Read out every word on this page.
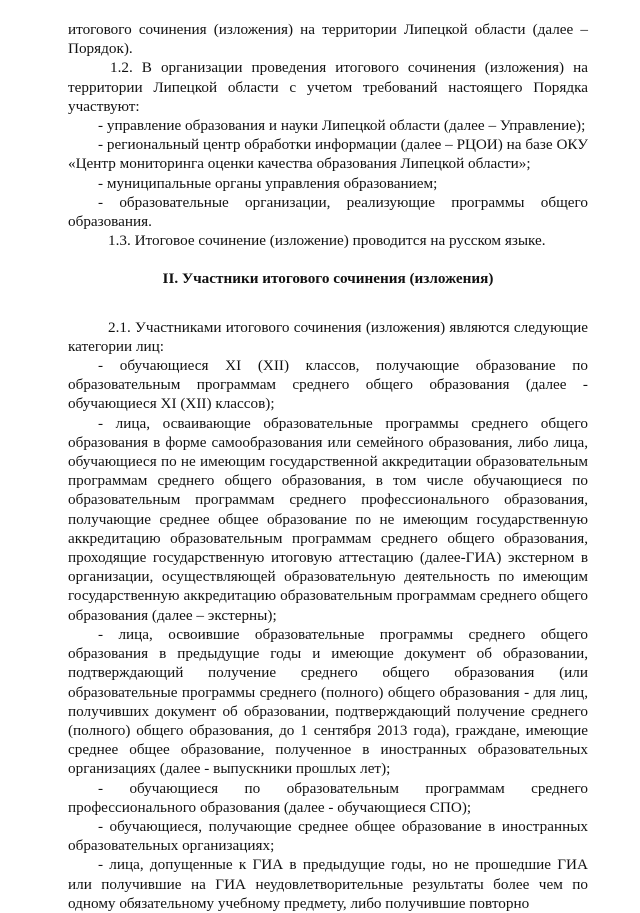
итогового сочинения (изложения) на территории Липецкой области (далее – Порядок).

1.2. В организации проведения итогового сочинения (изложения) на территории Липецкой области с учетом требований настоящего Порядка участвуют:

- управление образования и науки Липецкой области (далее – Управление);

- региональный центр обработки информации (далее – РЦОИ) на базе ОКУ «Центр мониторинга оценки качества образования Липецкой области»;

- муниципальные органы управления образованием;

- образовательные организации, реализующие программы общего образования.

1.3. Итоговое сочинение (изложение) проводится на русском языке.

II. Участники итогового сочинения (изложения)

2.1. Участниками итогового сочинения (изложения) являются следующие категории лиц:

- обучающиеся XI (XII) классов, получающие образование по образовательным программам среднего общего образования (далее - обучающиеся XI (XII) классов);

- лица, осваивающие образовательные программы среднего общего образования в форме самообразования или семейного образования, либо лица, обучающиеся по не имеющим государственной аккредитации образовательным программам среднего общего образования, в том числе обучающиеся по образовательным программам среднего профессионального образования, получающие среднее общее образование по не имеющим государственную аккредитацию образовательным программам среднего общего образования, проходящие государственную итоговую аттестацию (далее-ГИА) экстерном в организации, осуществляющей образовательную деятельность по имеющим государственную аккредитацию образовательным программам среднего общего образования (далее – экстерны);

- лица, освоившие образовательные программы среднего общего образования в предыдущие годы и имеющие документ об образовании, подтверждающий получение среднего общего образования (или образовательные программы среднего (полного) общего образования - для лиц, получивших документ об образовании, подтверждающий получение среднего (полного) общего образования, до 1 сентября 2013 года), граждане, имеющие среднее общее образование, полученное в иностранных образовательных организациях (далее - выпускники прошлых лет);

- обучающиеся по образовательным программам среднего профессионального образования (далее - обучающиеся СПО);

- обучающиеся, получающие среднее общее образование в иностранных образовательных организациях;

- лица, допущенные к ГИА в предыдущие годы, но не прошедшие ГИА или получившие на ГИА неудовлетворительные результаты более чем по одному обязательному учебному предмету, либо получившие повторно
